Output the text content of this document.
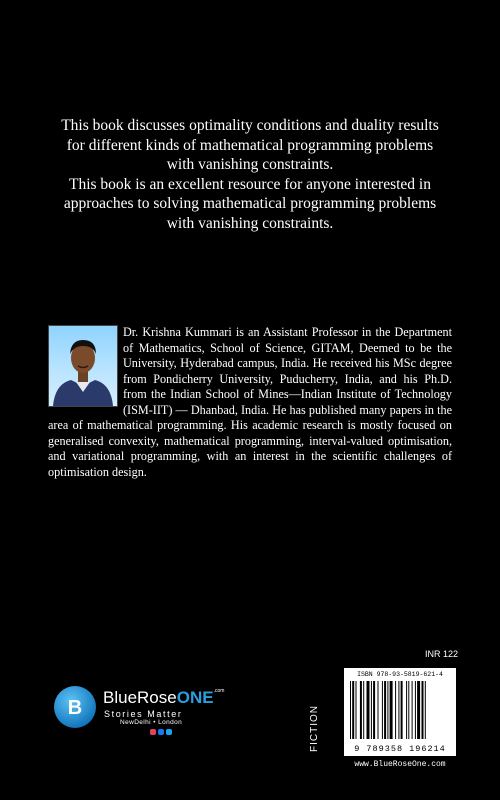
This book discusses optimality conditions and duality results for different kinds of mathematical programming problems with vanishing constraints.

This book is an excellent resource for anyone interested in approaches to solving mathematical programming problems with vanishing constraints.

Dr. Krishna Kummari is an Assistant Professor in the Department of Mathematics, School of Science, GITAM, Deemed to be the University, Hyderabad campus, India. He received his MSc degree from Pondicherry University, Puducherry, India, and his Ph.D. from the Indian School of Mines—Indian Institute of Technology (ISM-IIT) — Dhanbad, India. He has published many papers in the area of mathematical programming. His academic research is mostly focused on generalised convexity, mathematical programming, interval-valued optimisation, and variational programming, with an interest in the scientific challenges of optimisation design.
INR 122
FICTION
ISBN 978-93-5819-621-4
9 789358 196214
www.BlueRoseOne.com
B BlueRoseONE$^{.com}$
Stories Matter
NewDelhi • London
